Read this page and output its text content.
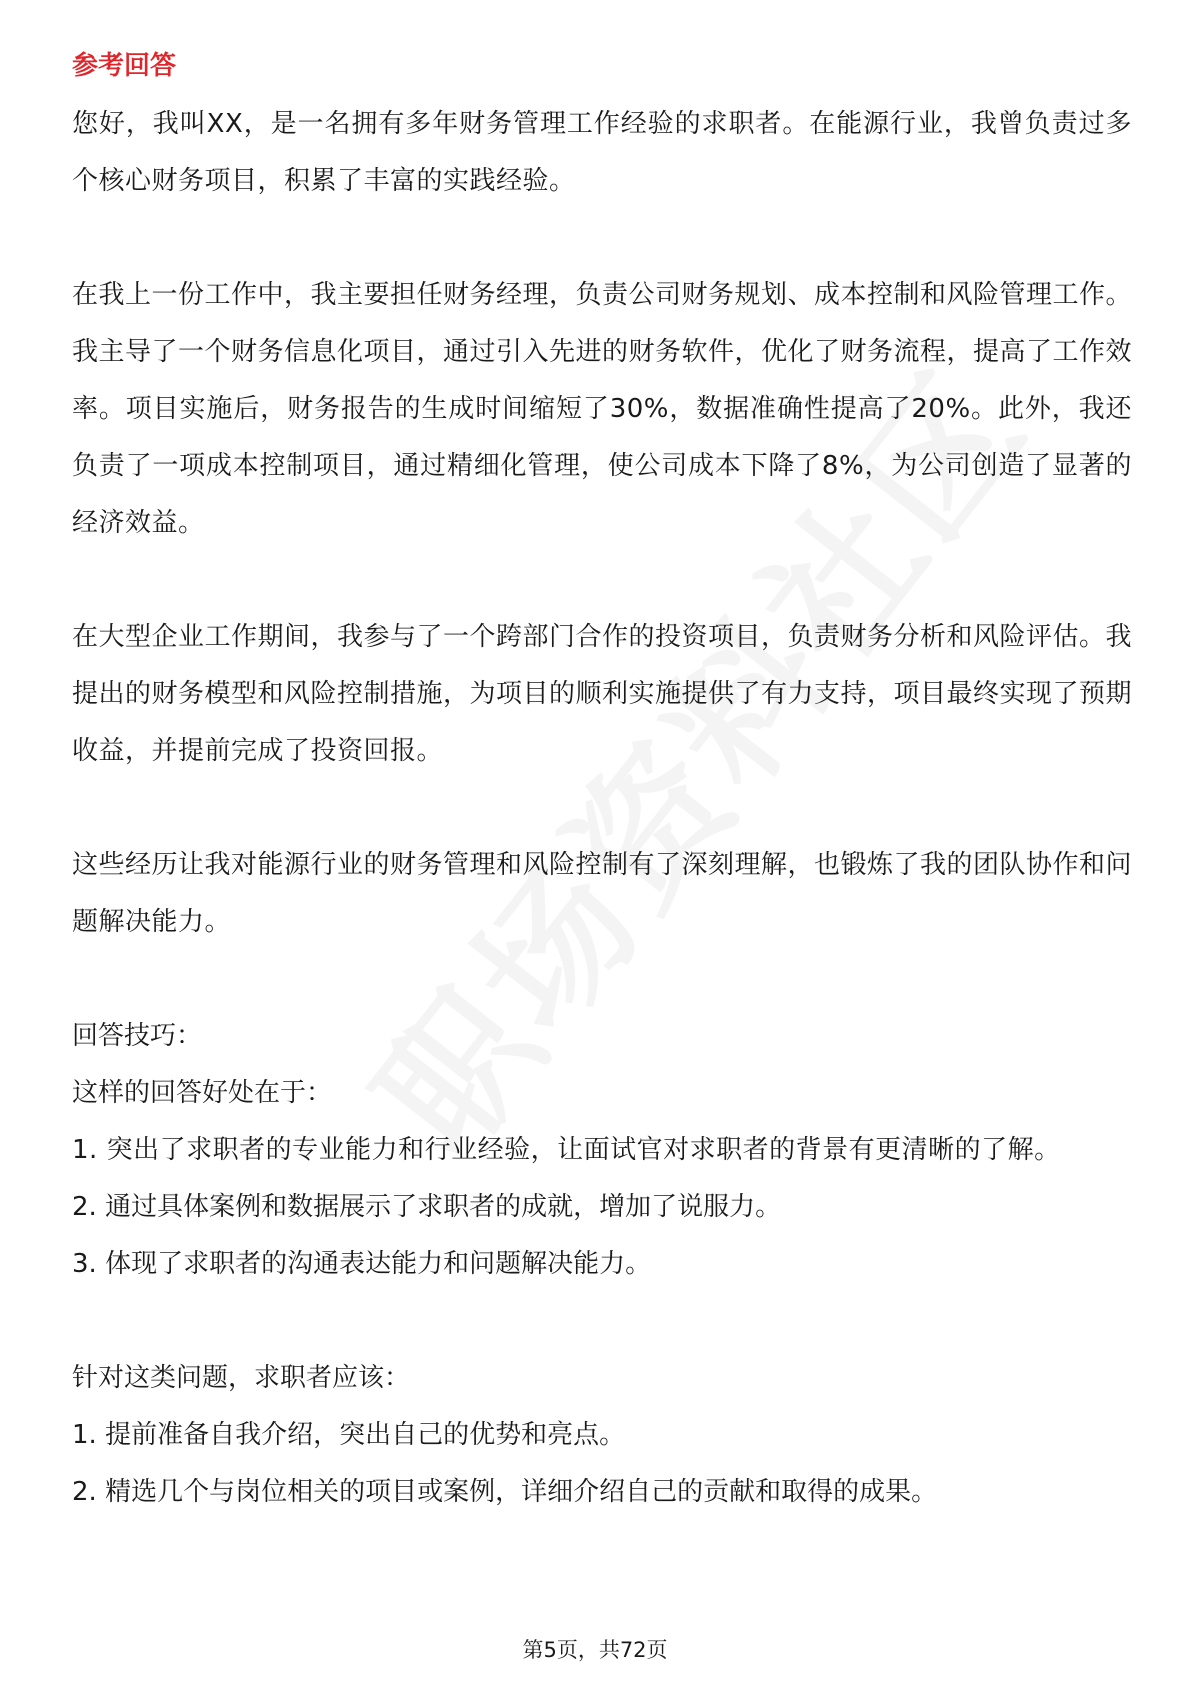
参考回答

您好，我叫XX，是一名拥有多年财务管理工作经验的求职者。在能源行业，我曾负责过多个核心财务项目，积累了丰富的实践经验。

在我上一份工作中，我主要担任财务经理，负责公司财务规划、成本控制和风险管理工作。我主导了一个财务信息化项目，通过引入先进的财务软件，优化了财务流程，提高了工作效率。项目实施后，财务报告的生成时间缩短了30%，数据准确性提高了20%。此外，我还负责了一项成本控制项目，通过精细化管理，使公司成本下降了8%，为公司创造了显著的经济效益。

在大型企业工作期间，我参与了一个跨部门合作的投资项目，负责财务分析和风险评估。我提出的财务模型和风险控制措施，为项目的顺利实施提供了有力支持，项目最终实现了预期收益，并提前完成了投资回报。

这些经历让我对能源行业的财务管理和风险控制有了深刻理解，也锻炼了我的团队协作和问题解决能力。

回答技巧：

这样的回答好处在于：

1. 突出了求职者的专业能力和行业经验，让面试官对求职者的背景有更清晰的了解。

2. 通过具体案例和数据展示了求职者的成就，增加了说服力。

3. 体现了求职者的沟通表达能力和问题解决能力。

针对这类问题，求职者应该：

1. 提前准备自我介绍，突出自己的优势和亮点。

2. 精选几个与岗位相关的项目或案例，详细介绍自己的贡献和取得的成果。

第5页，共72页
